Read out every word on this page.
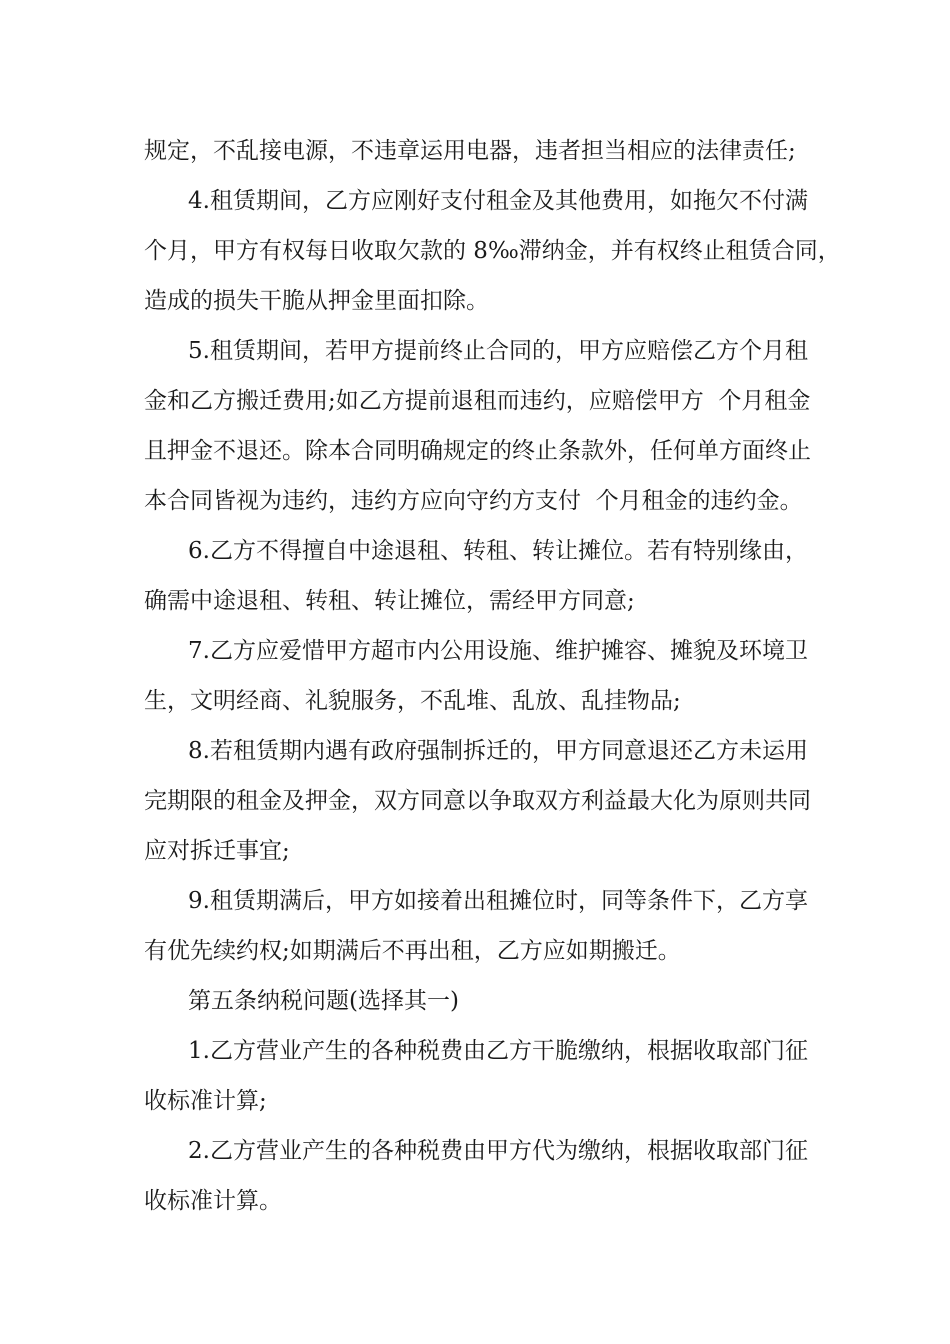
规定，不乱接电源，不违章运用电器，违者担当相应的法律责任;

4.租赁期间，乙方应刚好支付租金及其他费用，如拖欠不付满

个月，甲方有权每日收取欠款的 8‰滞纳金，并有权终止租赁合同，

造成的损失干脆从押金里面扣除。

5.租赁期间，若甲方提前终止合同的，甲方应赔偿乙方个月租

金和乙方搬迁费用;如乙方提前退租而违约，应赔偿甲方  个月租金

且押金不退还。除本合同明确规定的终止条款外，任何单方面终止

本合同皆视为违约，违约方应向守约方支付  个月租金的违约金。

6.乙方不得擅自中途退租、转租、转让摊位。若有特别缘由，

确需中途退租、转租、转让摊位，需经甲方同意;

7.乙方应爱惜甲方超市内公用设施、维护摊容、摊貌及环境卫

生，文明经商、礼貌服务，不乱堆、乱放、乱挂物品;

8.若租赁期内遇有政府强制拆迁的，甲方同意退还乙方未运用

完期限的租金及押金，双方同意以争取双方利益最大化为原则共同

应对拆迁事宜;

9.租赁期满后，甲方如接着出租摊位时，同等条件下，乙方享

有优先续约权;如期满后不再出租，乙方应如期搬迁。

第五条纳税问题(选择其一)

1.乙方营业产生的各种税费由乙方干脆缴纳，根据收取部门征

收标准计算;

2.乙方营业产生的各种税费由甲方代为缴纳，根据收取部门征

收标准计算。
